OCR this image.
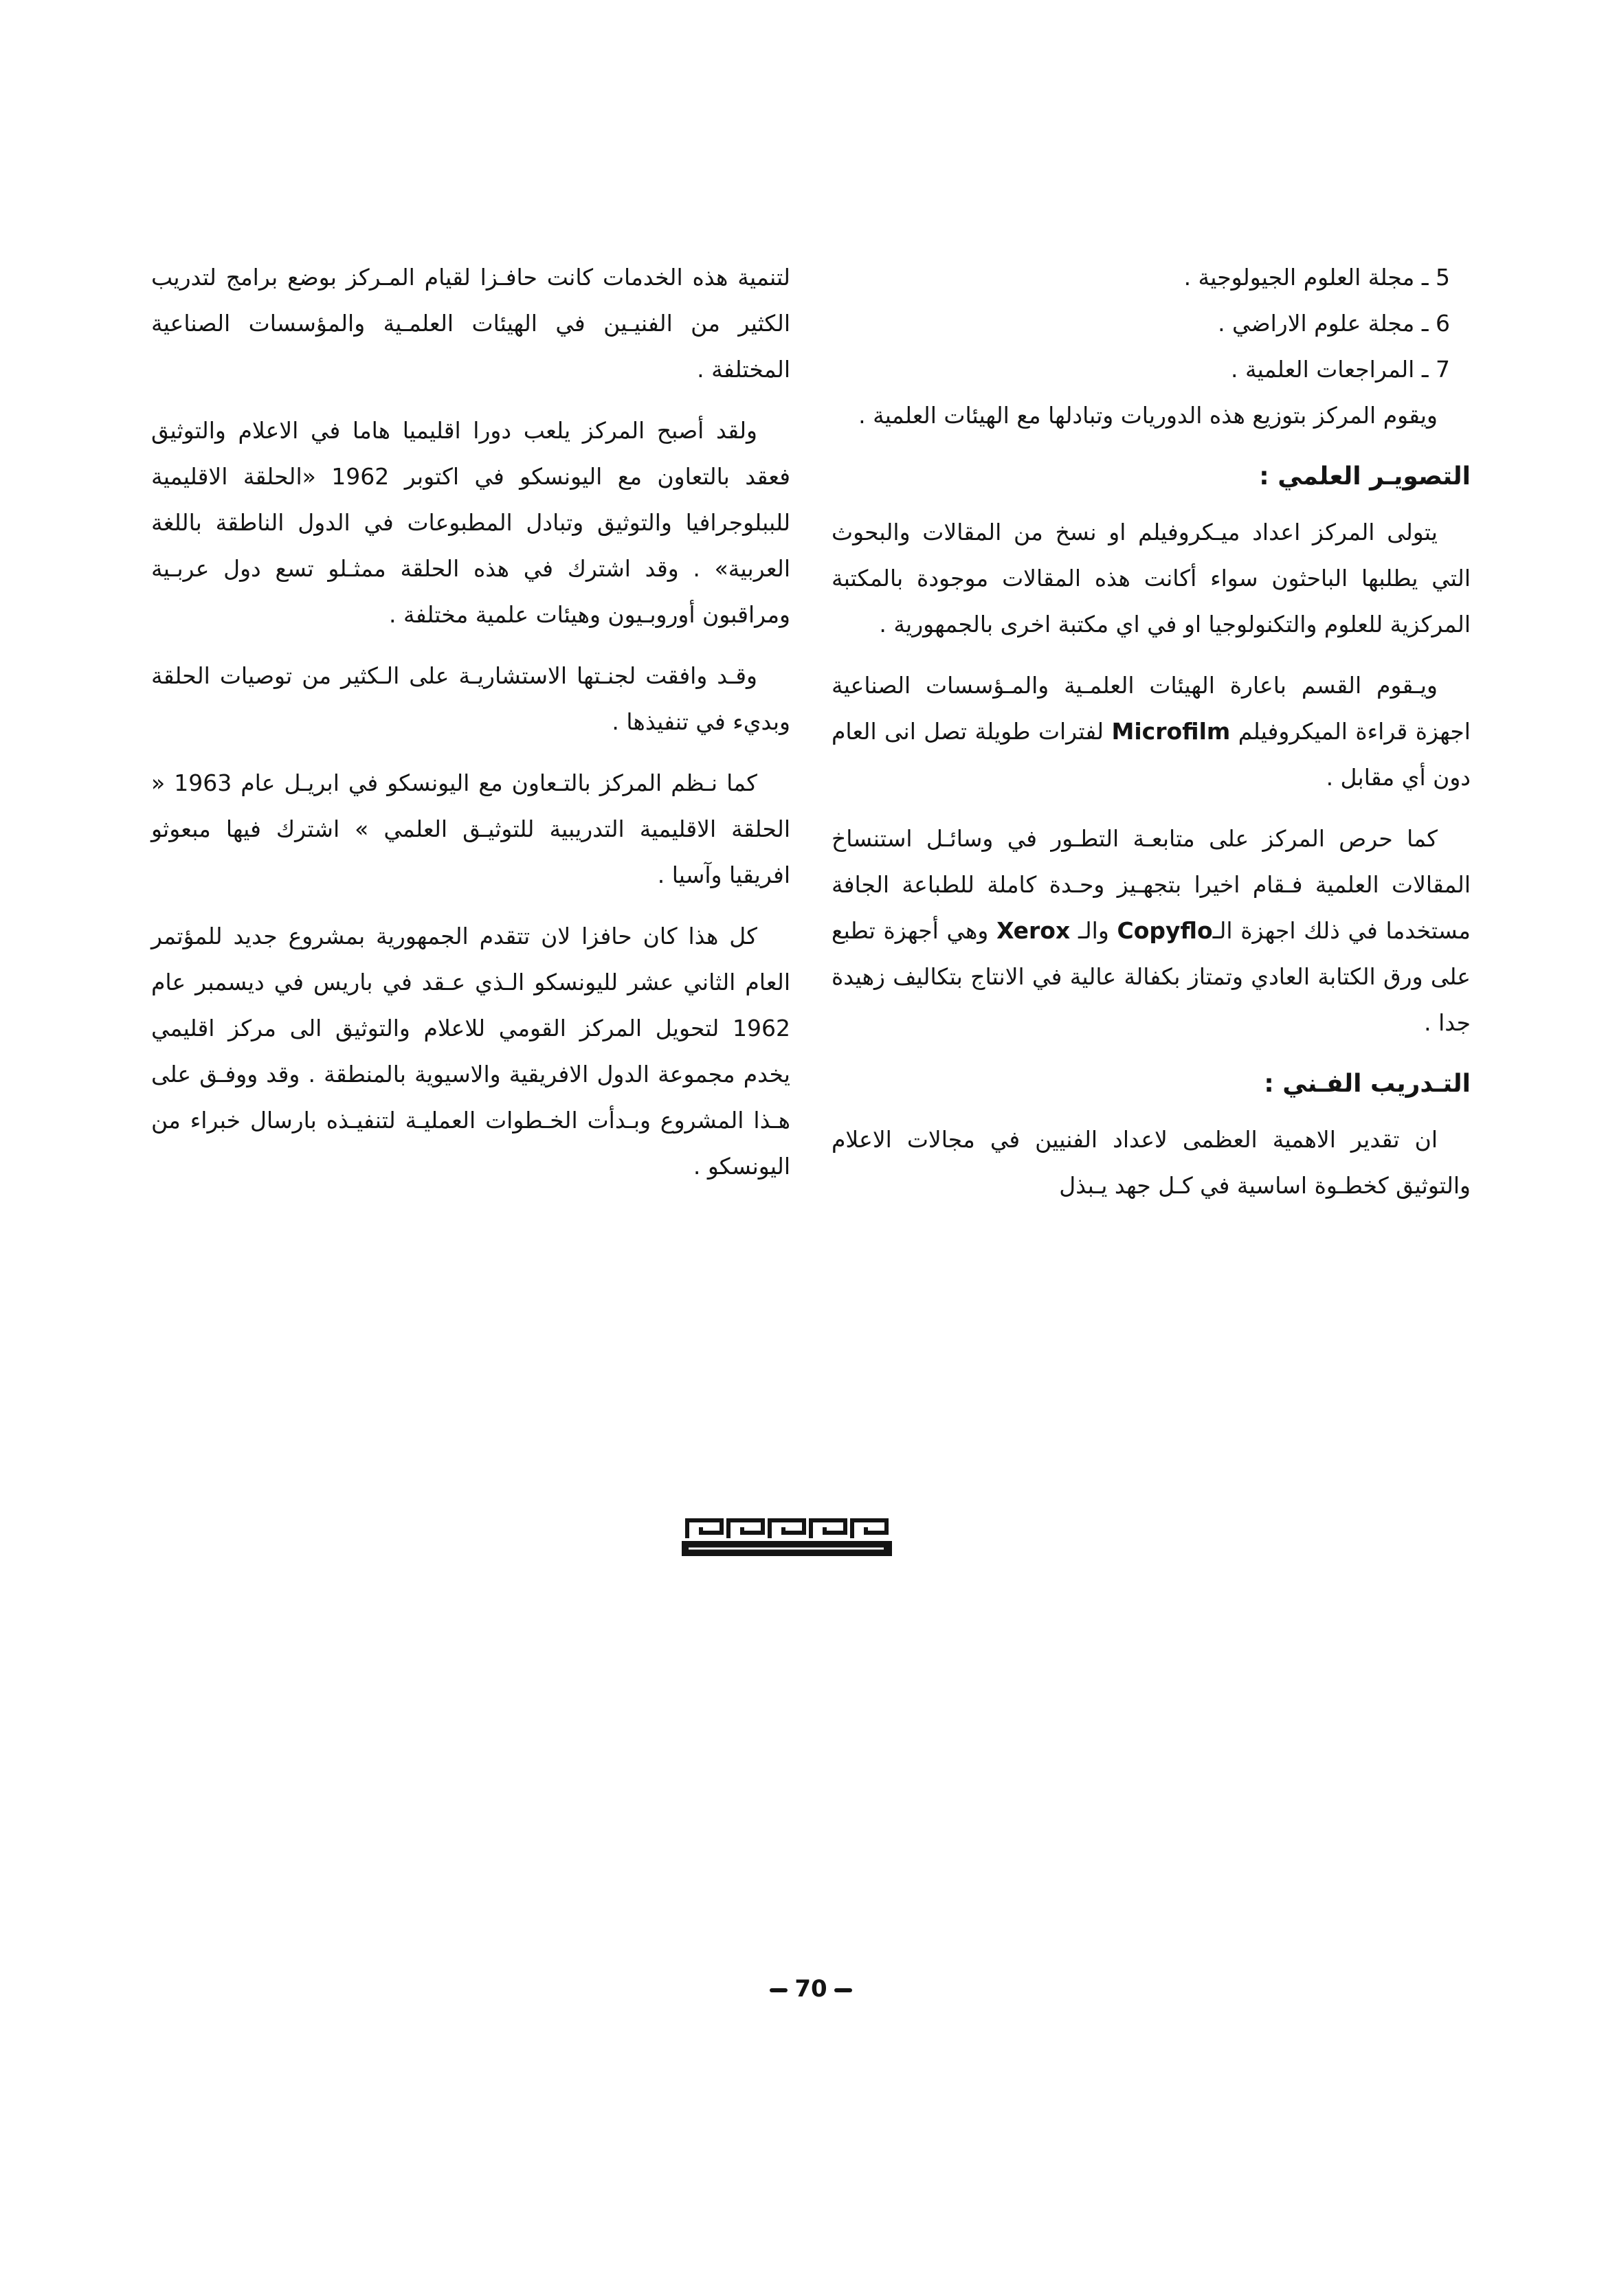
5 ـ مجلة العلوم الجيولوجية .
6 ـ مجلة علوم الاراضي .
7 ـ المراجعات العلمية .

ويقوم المركز بتوزيع هذه الدوريات وتبادلها مع الهيئات العلمية .

التصويـر العلمي :

يتولى المركز اعداد ميـكروفيلم او نسخ من المقالات والبحوث التي يطلبها الباحثون سواء أكانت هذه المقالات موجودة بالمكتبة المركزية للعلوم والتكنولوجيا او في اي مكتبة اخرى بالجمهورية .

ويـقوم القسم باعارة الهيئات العلمـية والمـؤسسات الصناعية اجهزة قراءة الميكروفيلم Microfilm لفترات طويلة تصل انى العام دون أي مقابل .

كما حرص المركز على متابعـة التطـور في وسائـل استنساخ المقالات العلمية فـقام اخيرا بتجهـيز وحـدة كاملة للطباعة الجافة مستخدما في ذلك اجهزة الـCopyflo والـ Xerox وهي أجهزة تطبع على ورق الكتابة العادي وتمتاز بكفالة عالية في الانتاج بتكاليف زهيدة جدا .

التـدريب الفـني :

ان تقدير الاهمية العظمى لاعداد الفنيين في مجالات الاعلام والتوثيق كخطـوة اساسية في كـل جهد يـبذل

لتنمية هذه الخدمات كانت حافـزا لقيام المـركز بوضع برامج لتدريب الكثير من الفنيـين في الهيئات العلمـية والمؤسسات الصناعية المختلفة .

ولقد أصبح المركز يلعب دورا اقليميا هاما في الاعلام والتوثيق فعقد بالتعاون مع اليونسكو في اكتوبر 1962 «الحلقة الاقليمية للببلوجرافيا والتوثيق وتبادل المطبوعات في الدول الناطقة باللغة العربية» . وقد اشترك في هذه الحلقة ممثـلو تسع دول عربـية ومراقبون أوروبـيون وهيئات علمية مختلفة .

وقـد وافقت لجنـتها الاستشاريـة على الـكثير من توصيات الحلقة وبديء في تنفيذها .

كما نـظم المركز بالتـعاون مع اليونسكو في ابريـل عام 1963 « الحلقة الاقليمية التدريبية للتوثيـق العلمي » اشترك فيها مبعوثو افريقيا وآسيا .

كل هذا كان حافزا لان تتقدم الجمهورية بمشروع جديد للمؤتمر العام الثاني عشر لليونسكو الـذي عـقد في باريس في ديسمبر عام 1962 لتحويل المركز القومي للاعلام والتوثيق الى مركز اقليمي يخدم مجموعة الدول الافريقية والاسيوية بالمنطقة . وقد ووفـق على هـذا المشروع وبـدأت الخـطوات العمليـة لتنفيـذه بارسال خبراء من اليونسكو .

70
